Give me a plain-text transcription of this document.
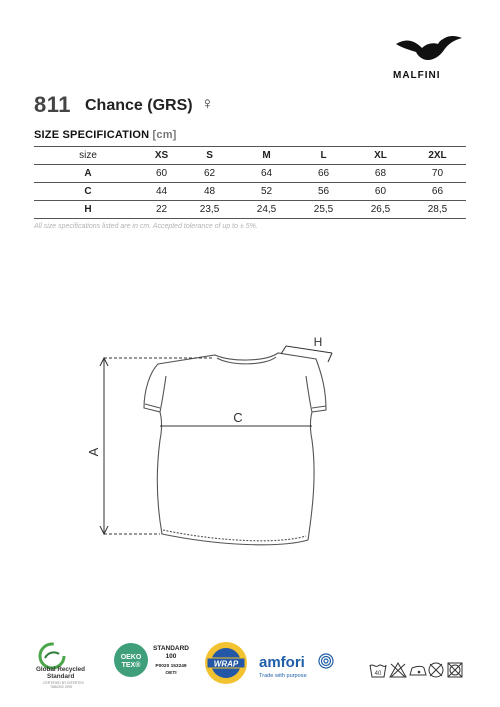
MALFINI
811 Chance (GRS) ♀
SIZE SPECIFICATION [cm]
size	XS	S	M	L	XL	2XL
A	60	62	64	66	68	70
C	44	48	52	56	60	66
H	22	23,5	24,5	25,5	26,5	28,5
All size specifications listed are in cm. Accepted tolerance of up to ± 5%.
C
A
H
Global Recycled
Standard
CERTIFIED BY INTERTEK
TAB0202 GRS
OEKO
TEX®
STANDARD
100
P0020 153249
OETI
WRAP amfori
Trade with purpose	40
